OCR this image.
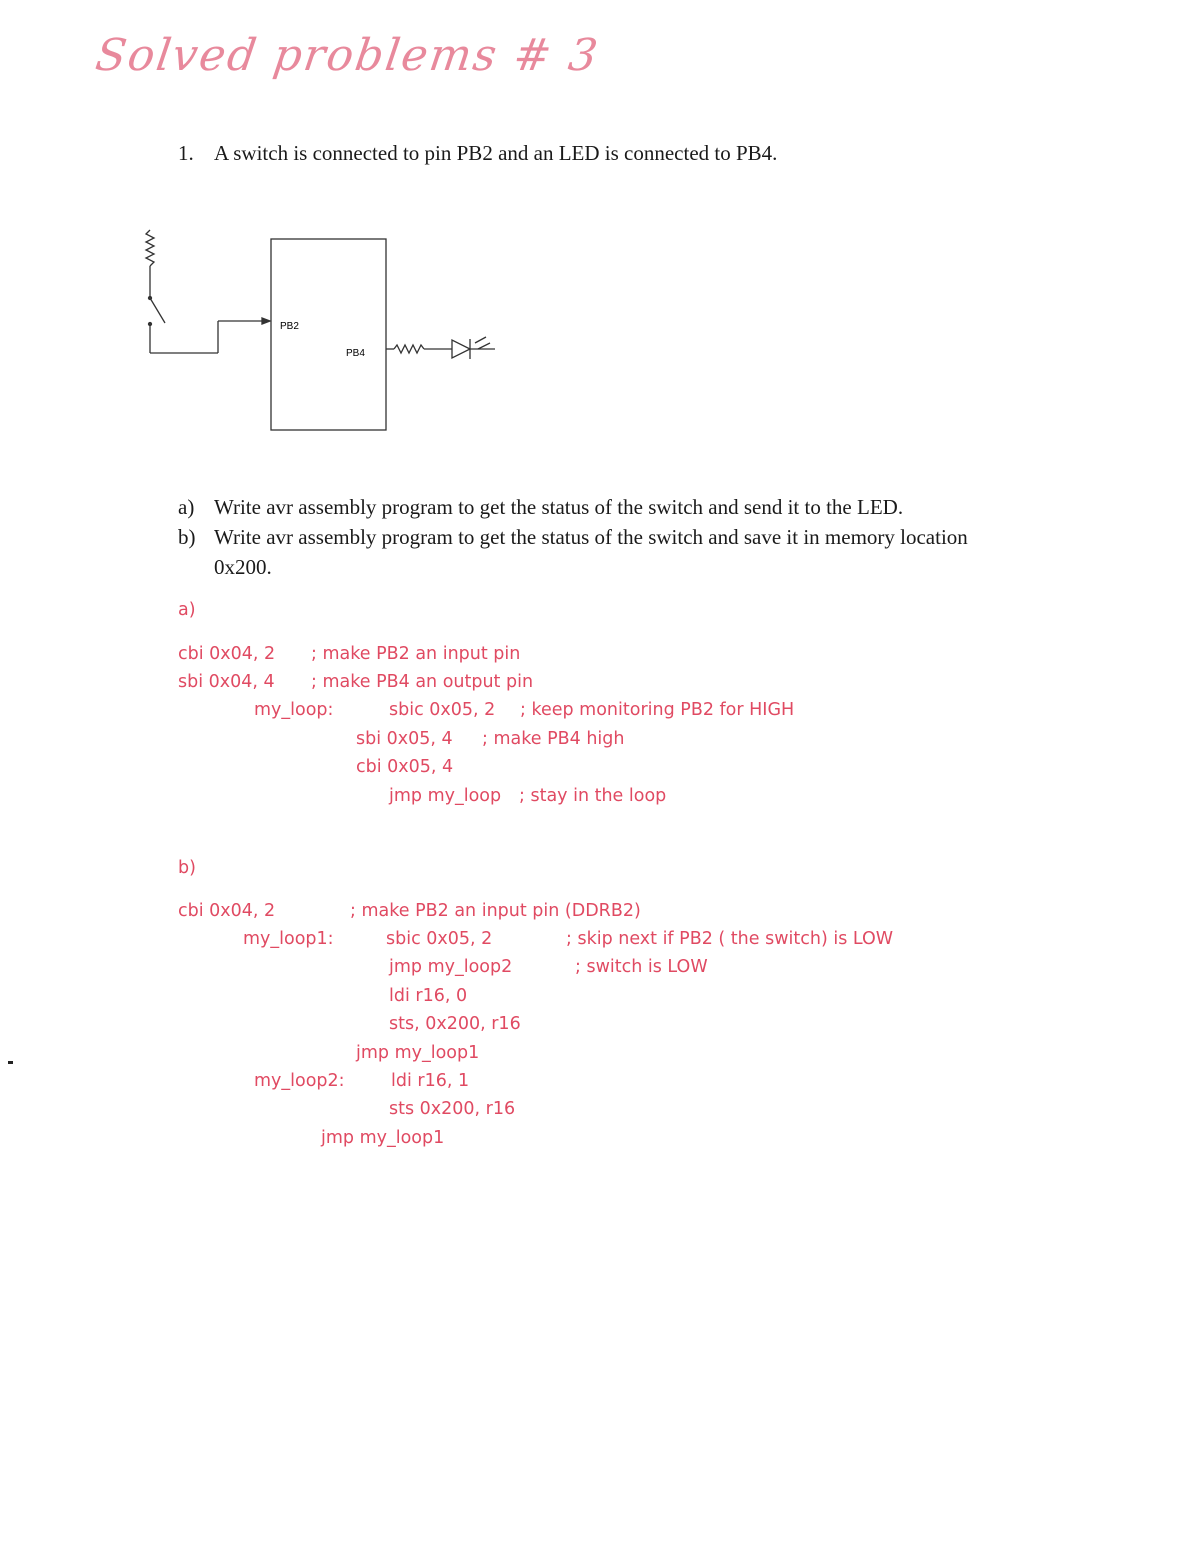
Solved problems # 3
1. A switch is connected to pin PB2 and an LED is connected to PB4.
PB2
PB4
a) Write avr assembly program to get the status of the switch and send it to the LED.
b) Write avr assembly program to get the status of the switch and save it in memory location
0x200.
a)
cbi 0x04, 2 ; make PB2 an input pin
sbi 0x04, 4 ; make PB4 an output pin
my_loop:	sbic 0x05, 2 ; keep monitoring PB2 for HIGH
sbi 0x05, 4 ; make PB4 high
cbi 0x05, 4
jmp my_loop ; stay in the loop
b)
cbi 0x04, 2	; make PB2 an input pin (DDRB2)
my_loop1:	sbic 0x05, 2	; skip next if PB2 ( the switch) is LOW
jmp my_loop2	; switch is LOW
ldi r16, 0
sts, 0x200, r16
jmp my_loop1
my_loop2:	ldi r16, 1
sts 0x200, r16
jmp my_loop1
